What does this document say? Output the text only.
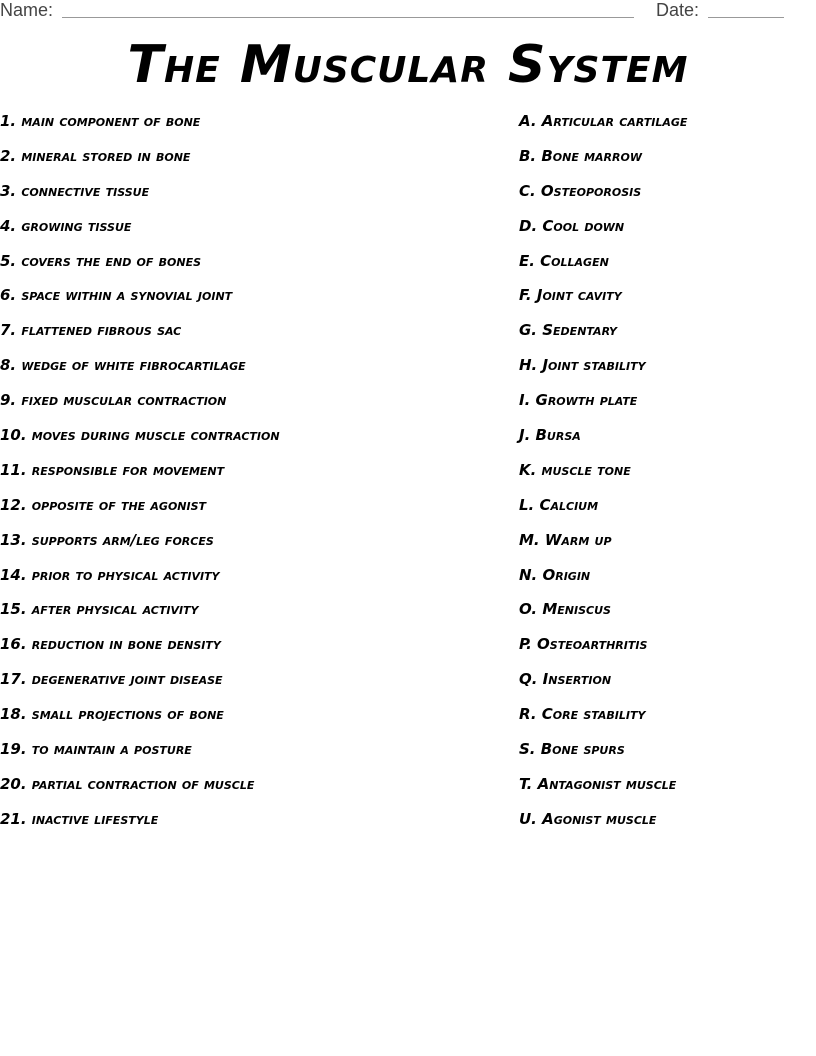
Name:	Date:
The Muscular System
1. main component of bone
2. mineral stored in bone
3. connective tissue
4. growing tissue
5. covers the end of bones
6. space within a synovial joint
7. flattened fibrous sac
8. wedge of white fibrocartilage
9. fixed muscular contraction
10. moves during muscle contraction
11. responsible for movement
12. opposite of the agonist
13. supports arm/leg forces
14. prior to physical activity
15. after physical activity
16. reduction in bone density
17. degenerative joint disease
18. small projections of bone
19. to maintain a posture
20. partial contraction of muscle
21. inactive lifestyle
A. Articular cartilage
B. Bone marrow
C. Osteoporosis
D. Cool down
E. Collagen
F. Joint cavity
G. Sedentary
H. Joint stability
I. Growth plate
J. Bursa
K. muscle tone
L. Calcium
M. Warm up
N. Origin
O. Meniscus
P. Osteoarthritis
Q. Insertion
R. Core stability
S. Bone spurs
T. Antagonist muscle
U. Agonist muscle
